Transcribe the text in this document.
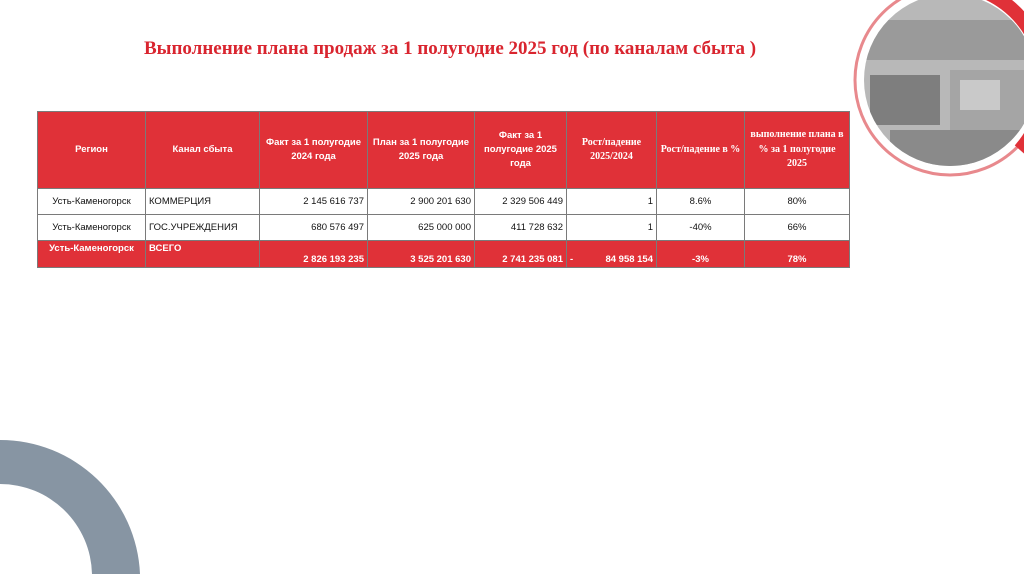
Выполнение плана продаж за 1 полугодие 2025 год (по каналам сбыта )
Регион	Канал сбыта	Факт за 1 полугодие 2024 года	План за 1 полугодие 2025 года	Факт за 1 полугодие 2025 года	Рост/падение 2025/2024	Рост/падение в %	выполнение плана в % за 1 полугодие 2025
Усть-Каменогорск	КОММЕРЦИЯ	2 145 616 737	2 900 201 630	2 329 506 449	1	8.6%	80%
Усть-Каменогорск	ГОС.УЧРЕЖДЕНИЯ	680 576 497	625 000 000	411 728 632	1	-40%	66%
Усть-Каменогорск	ВСЕГО	2 826 193 235	3 525 201 630	2 741 235 081	- 84 958 154	-3%	78%
